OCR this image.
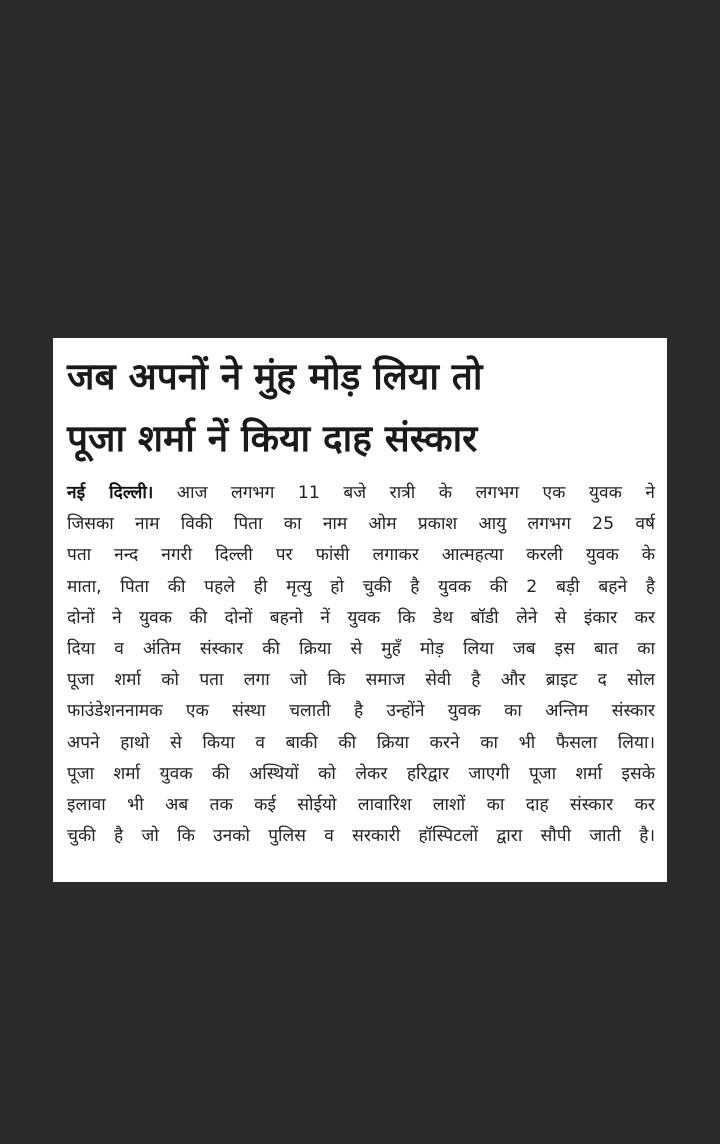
जब अपनों ने मुंह मोड़ लिया तो
पूजा शर्मा नें किया दाह संस्कार
नई दिल्ली। आज लगभग 11 बजे रात्री के लगभग एक युवक ने
जिसका नाम विकी पिता का नाम ओम प्रकाश आयु लगभग 25 वर्ष
पता नन्द नगरी दिल्ली पर फांसी लगाकर आत्महत्या करली युवक के
माता, पिता की पहले ही मृत्यु हो चुकी है युवक की 2 बड़ी बहने है
दोनों ने युवक की दोनों बहनो नें युवक कि डेथ बॉडी लेने से इंकार कर
दिया व अंतिम संस्कार की क्रिया से मुहँ मोड़ लिया जब इस बात का
पूजा शर्मा को पता लगा जो कि समाज सेवी है और ब्राइट द सोल
फाउंडेशननामक एक संस्था चलाती है उन्होंने युवक का अन्तिम संस्कार
अपने हाथो से किया व बाकी की क्रिया करने का भी फैसला लिया।
पूजा शर्मा युवक की अस्थियों को लेकर हरिद्वार जाएगी पूजा शर्मा इसके
इलावा भी अब तक कई सोईयो लावारिश लाशों का दाह संस्कार कर
चुकी है जो कि उनको पुलिस व सरकारी हॉस्पिटलों द्वारा सौपी जाती है।
